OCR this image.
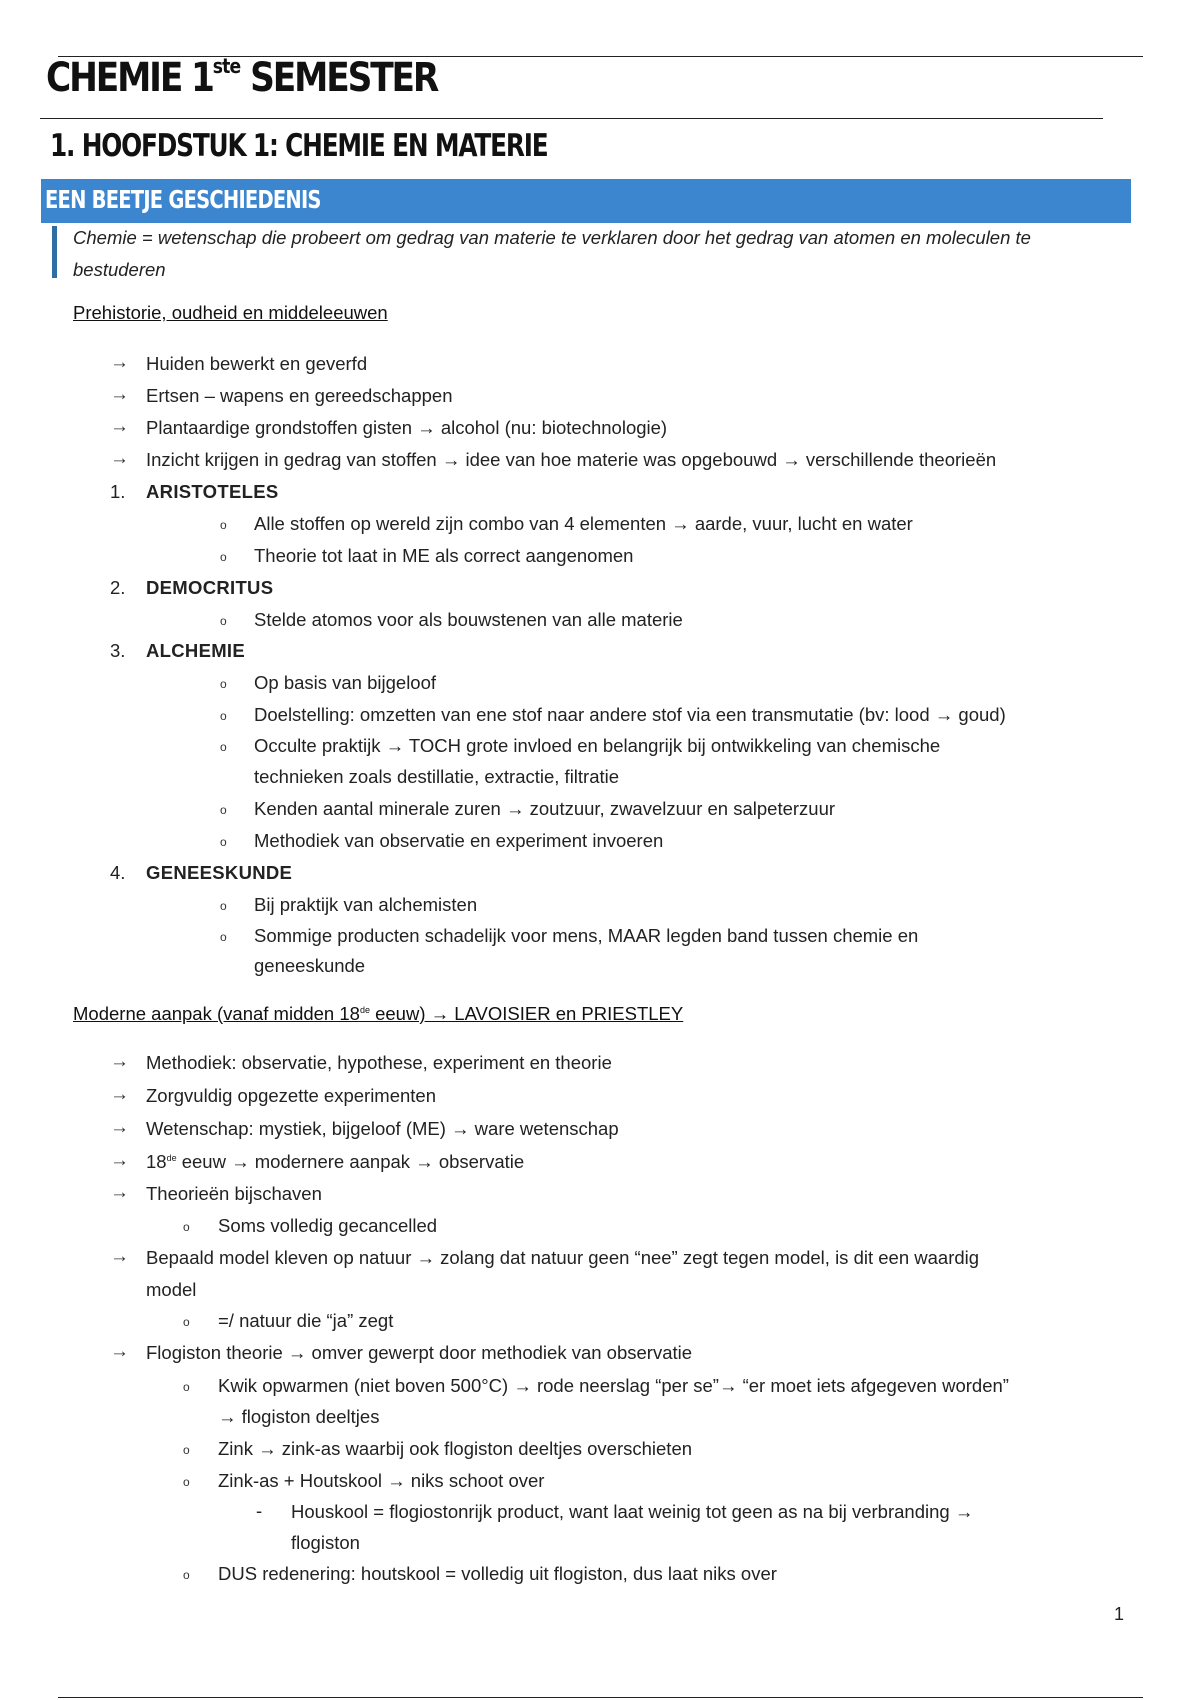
CHEMIE 1ste SEMESTER
1. HOOFDSTUK 1: CHEMIE EN MATERIE
EEN BEETJE GESCHIEDENIS
Chemie = wetenschap die probeert om gedrag van materie te verklaren door het gedrag van atomen en moleculen te bestuderen
Prehistorie, oudheid en middeleeuwen
→ Huiden bewerkt en geverfd
→ Ertsen – wapens en gereedschappen
→ Plantaardige grondstoffen gisten → alcohol (nu: biotechnologie)
→ Inzicht krijgen in gedrag van stoffen → idee van hoe materie was opgebouwd → verschillende theorieën
1. ARISTOTELES
o Alle stoffen op wereld zijn combo van 4 elementen → aarde, vuur, lucht en water
o Theorie tot laat in ME als correct aangenomen
2. DEMOCRITUS
o Stelde atomos voor als bouwstenen van alle materie
3. ALCHEMIE
o Op basis van bijgeloof
o Doelstelling: omzetten van ene stof naar andere stof via een transmutatie (bv: lood → goud)
o Occulte praktijk → TOCH grote invloed en belangrijk bij ontwikkeling van chemische
technieken zoals destillatie, extractie, filtratie
o Kenden aantal minerale zuren → zoutzuur, zwavelzuur en salpeterzuur
o Methodiek van observatie en experiment invoeren
4. GENEESKUNDE
o Bij praktijk van alchemisten
o Sommige producten schadelijk voor mens, MAAR legden band tussen chemie en
geneeskunde
Moderne aanpak (vanaf midden 18de eeuw) → LAVOISIER en PRIESTLEY
→ Methodiek: observatie, hypothese, experiment en theorie
→ Zorgvuldig opgezette experimenten
→ Wetenschap: mystiek, bijgeloof (ME) → ware wetenschap
→ 18de eeuw → modernere aanpak → observatie
→ Theorieën bijschaven
o Soms volledig gecancelled
→ Bepaald model kleven op natuur → zolang dat natuur geen “nee” zegt tegen model, is dit een waardig
model
o =/ natuur die “ja” zegt
→ Flogiston theorie → omver gewerpt door methodiek van observatie
o Kwik opwarmen (niet boven 500°C) → rode neerslag “per se”→ “er moet iets afgegeven worden”
→ flogiston deeltjes
o Zink → zink-as waarbij ook flogiston deeltjes overschieten
o Zink-as + Houtskool → niks schoot over
- Houskool = flogiostonrijk product, want laat weinig tot geen as na bij verbranding →
flogiston
o DUS redenering: houtskool = volledig uit flogiston, dus laat niks over
1
